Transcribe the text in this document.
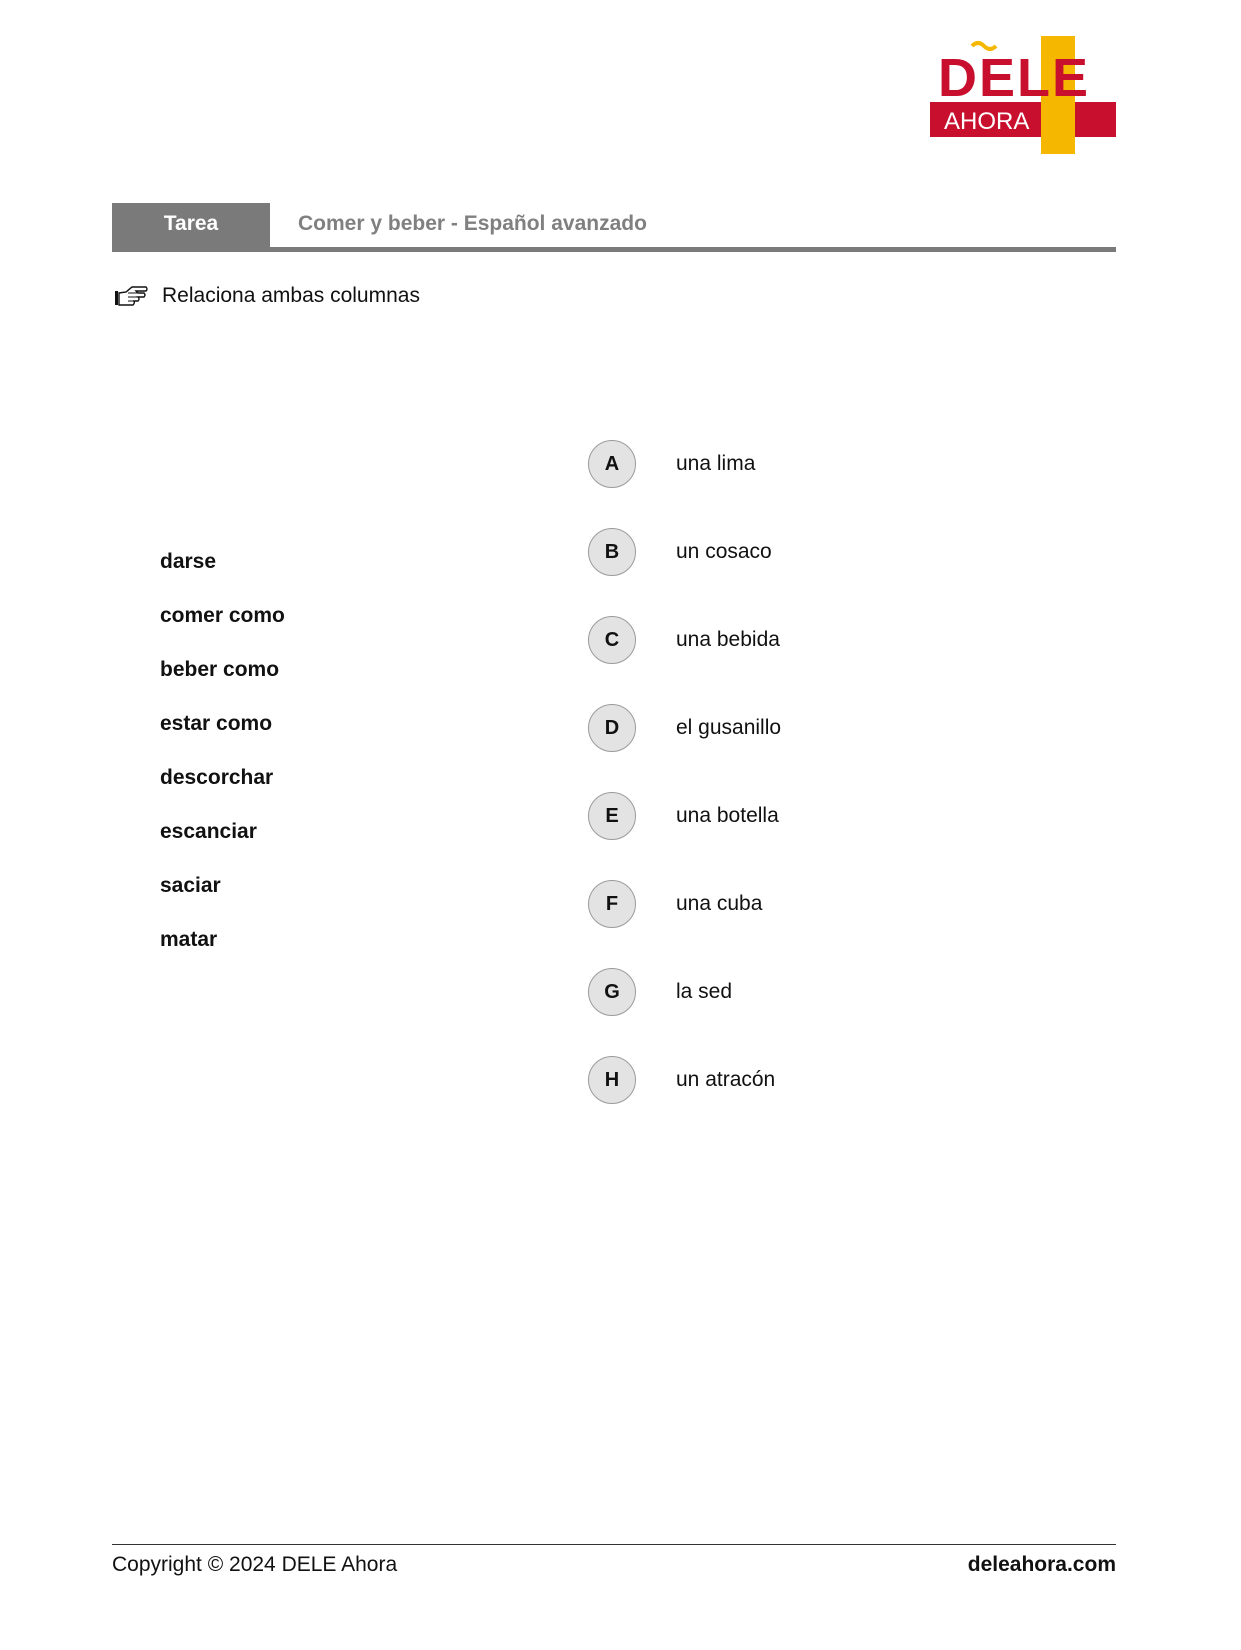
DELE
AHORA
Tarea	Comer y beber - Español avanzado
Relaciona ambas columnas
darse
comer como
beber como
estar como
descorchar
escanciar
saciar
matar
A	una lima
B	un cosaco
C	una bebida
D	el gusanillo
E	una botella
F	una cuba
G	la sed
H	un atracón
Copyright © 2024 DELE Ahora	deleahora.com
